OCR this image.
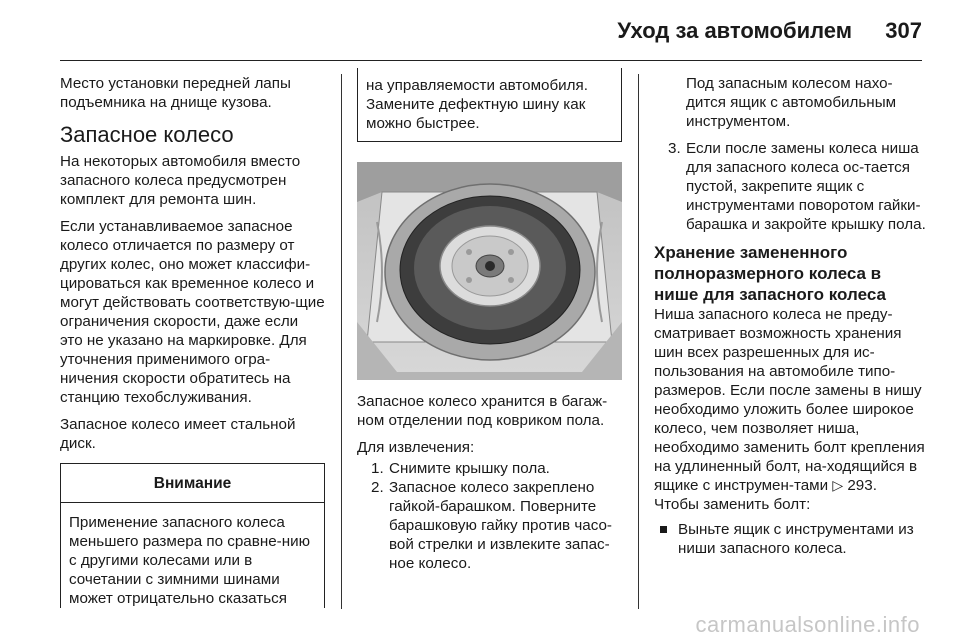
Уход за автомобилем 307

Место установки передней лапы подъемника на днище кузова.

Запасное колесо

На некоторых автомобиля вместо запасного колеса предусмотрен комплект для ремонта шин.

Если устанавливаемое запасное колесо отличается по размеру от других колес, оно может классифи-цироваться как временное колесо и могут действовать соответствую-щие ограничения скорости, даже если это не указано на маркировке. Для уточнения применимого огра-ничения скорости обратитесь на станцию техобслуживания.

Запасное колесо имеет стальной диск.

Внимание
Применение запасного колеса меньшего размера по сравне-нию с другими колесами или в сочетании с зимними шинами может отрицательно сказаться
на управляемости автомобиля. Замените дефектную шину как можно быстрее.

Запасное колесо хранится в багаж-ном отделении под ковриком пола.

Для извлечения:

1. Снимите крышку пола.
2. Запасное колесо закреплено гайкой-барашком. Поверните барашковую гайку против часо-вой стрелки и извлеките запас-ное колесо.
Под запасным колесом нахо-дится ящик с автомобильным инструментом.
3. Если после замены колеса ниша для запасного колеса ос-тается пустой, закрепите ящик с инструментами поворотом гайки-барашка и закройте крышку пола.
Хранение замененного полноразмерного колеса в нише для запасного колеса

Ниша запасного колеса не преду-сматривает возможность хранения шин всех разрешенных для ис-пользования на автомобиле типо-размеров. Если после замены в нишу необходимо уложить более широкое колесо, чем позволяет ниша, необходимо заменить болт крепления на удлиненный болт, на-ходящийся в ящике с инструмен-тами ▷ 293. Чтобы заменить болт:

Выньте ящик с инструментами из ниши запасного колеса.
carmanualsonline.info
